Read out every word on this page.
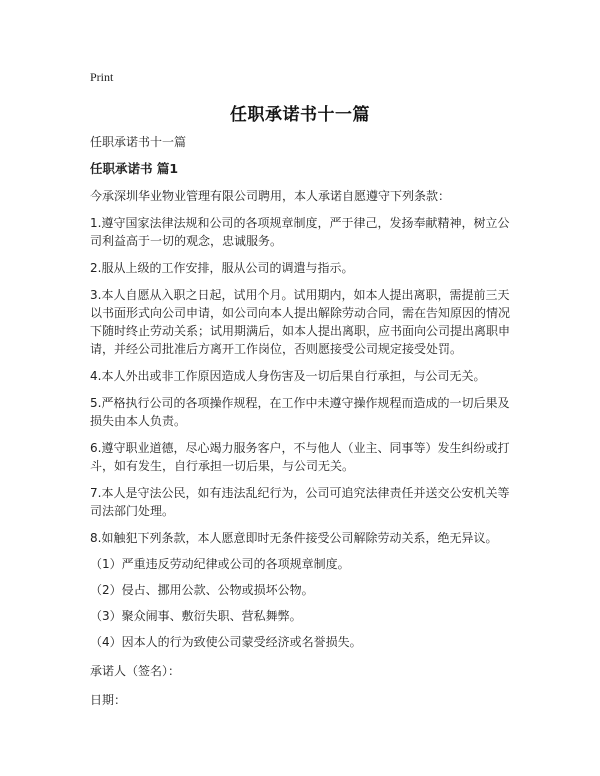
Print
任职承诺书十一篇

任职承诺书十一篇

任职承诺书 篇1

今承深圳华业物业管理有限公司聘用，本人承诺自愿遵守下列条款：

1.遵守国家法律法规和公司的各项规章制度，严于律己，发扬奉献精神，树立公司利益高于一切的观念，忠诚服务。

2.服从上级的工作安排，服从公司的调遣与指示。

3.本人自愿从入职之日起，试用个月。试用期内，如本人提出离职，需提前三天以书面形式向公司申请，如公司向本人提出解除劳动合同，需在告知原因的情况下随时终止劳动关系；试用期满后，如本人提出离职，应书面向公司提出离职申请，并经公司批准后方离开工作岗位，否则愿接受公司规定接受处罚。

4.本人外出或非工作原因造成人身伤害及一切后果自行承担，与公司无关。

5.严格执行公司的各项操作规程，在工作中未遵守操作规程而造成的一切后果及损失由本人负责。

6.遵守职业道德，尽心竭力服务客户，不与他人（业主、同事等）发生纠纷或打斗，如有发生，自行承担一切后果，与公司无关。

7.本人是守法公民，如有违法乱纪行为，公司可追究法律责任并送交公安机关等司法部门处理。

8.如触犯下列条款，本人愿意即时无条件接受公司解除劳动关系，绝无异议。

（1）严重违反劳动纪律或公司的各项规章制度。

（2）侵占、挪用公款、公物或损坏公物。

（3）聚众闹事、敷衍失职、营私舞弊。

（4）因本人的行为致使公司蒙受经济或名誉损失。

承诺人（签名）：

日期：
